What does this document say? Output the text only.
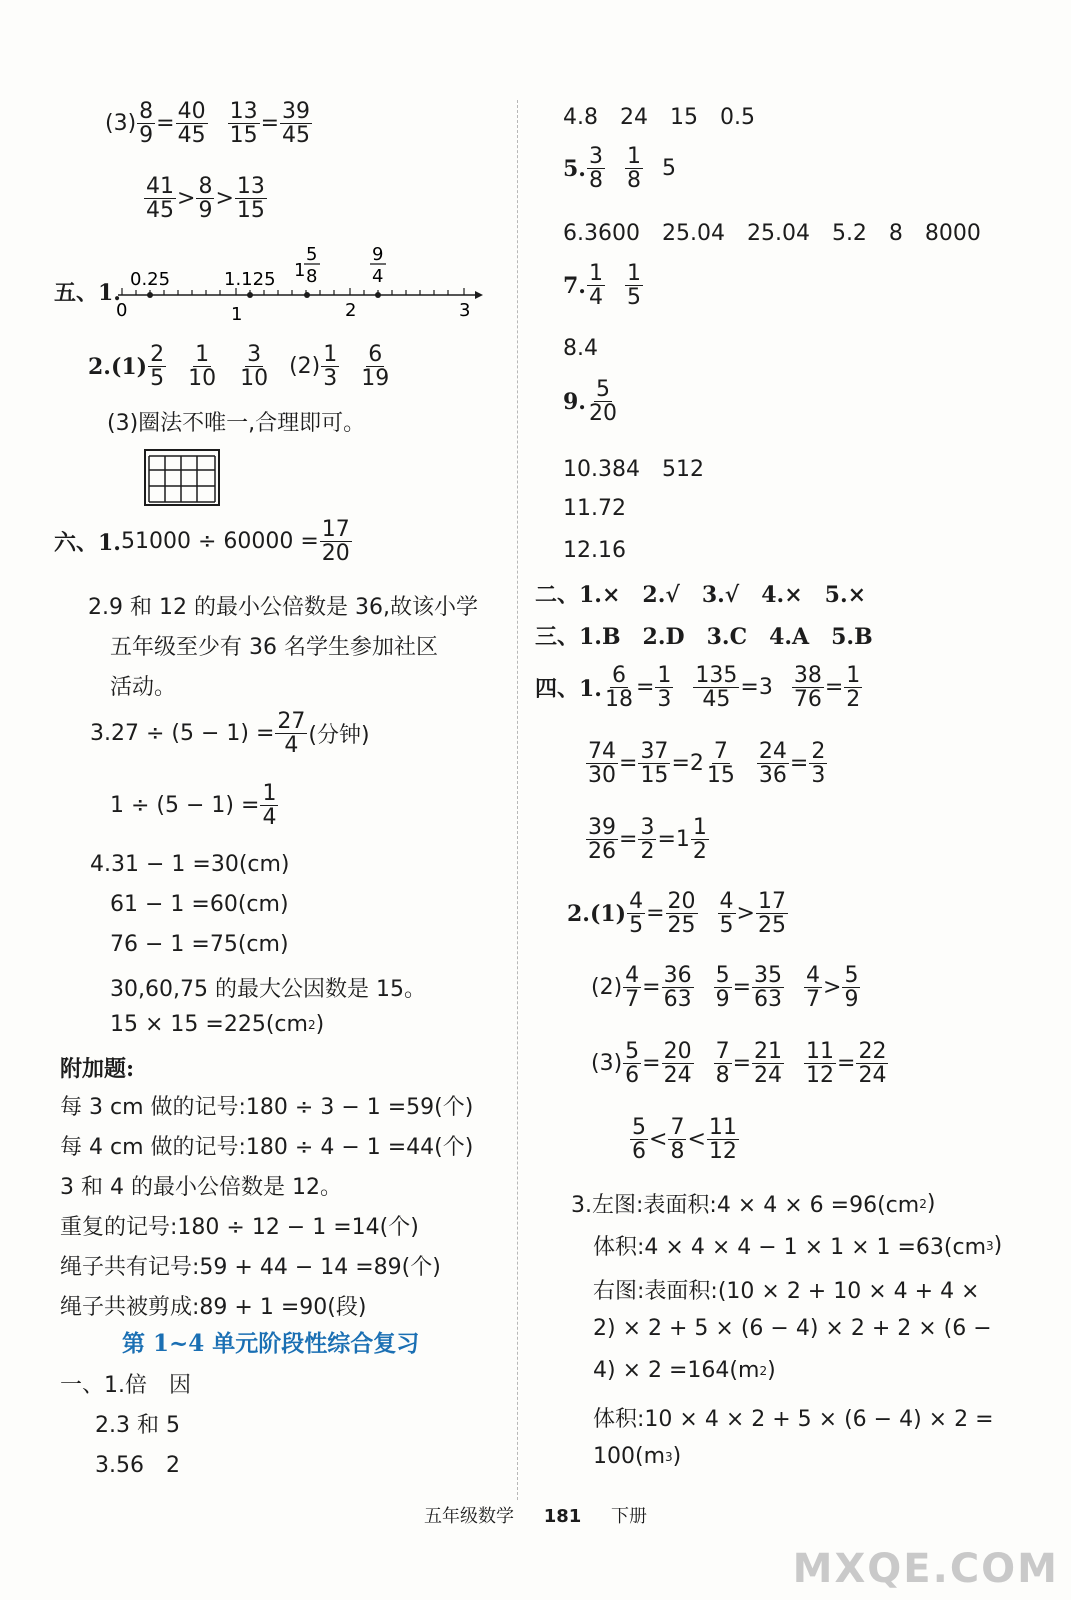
$(3) \frac{8}{9} = \frac{40}{45} \frac{13}{15} = \frac{39}{45}$
$\frac{41}{45} > \frac{8}{9} > \frac{13}{15}$
五、1.
0.25	1.125 1
5
8
9
4
0	1	2	3
$2.(1) \frac{2}{5} \frac{1}{10} \frac{3}{10} (2) \frac{1}{3} \frac{6}{19}$
(3)圈法不唯一,合理即可。
六、1. $51000 \div 60000 = \frac{17}{20}$
2.9 和 12 的最小公倍数是 36,故该小学
五年级至少有 36 名学生参加社区
活动。
$3.27 \div (5 - 1) = \frac{27}{4}$ (分钟)
$1 \div (5 - 1) = \frac{1}{4}$
4.31 − 1 =30(cm)
61 − 1 =60(cm)
76 − 1 =75(cm)
30,60,75 的最大公因数是 15。
15 × 15 =225(cm 2 )
附加题:
每 3 cm 做的记号:180 ÷ 3 − 1 =59(个)
每 4 cm 做的记号:180 ÷ 4 − 1 =44(个)
3 和 4 的最小公倍数是 12。
重复的记号:180 ÷ 12 − 1 =14(个)
绳子共有记号:59 + 44 − 14 =89(个)
绳子共被剪成:89 + 1 =90(段)
第 1~4 单元阶段性综合复习
一、1.倍　因
2.3 和 5
3.56　2
4.8　24　15　0.5
5. $\frac{3}{8} \frac{1}{8} 5$
6.3600　25.04　25.04　5.2　8　8000
7. $\frac{1}{4} \frac{1}{5}$
8.4
9. $\frac{5}{20}$
10.384　512
11.72
12.16
二、1.×　2.√　3.√　4.×　5.×
三、1.B　2.D　3.C　4.A　5.B
四、1. $\frac{6}{18} = \frac{1}{3} \frac{135}{45} =3 \frac{38}{76} = \frac{1}{2}$
$\frac{74}{30} = \frac{37}{15} =2 \frac{7}{15} \frac{24}{36} = \frac{2}{3}$
$\frac{39}{26} = \frac{3}{2} =1 \frac{1}{2}$
$2.(1) \frac{4}{5} = \frac{20}{25} \frac{4}{5} > \frac{17}{25}$
$(2) \frac{4}{7} = \frac{36}{63} \frac{5}{9} = \frac{35}{63} \frac{4}{7} > \frac{5}{9}$
$(3) \frac{5}{6} = \frac{20}{24} \frac{7}{8} = \frac{21}{24} \frac{11}{12} = \frac{22}{24}$
$\frac{5}{6} < \frac{7}{8} < \frac{11}{12}$
3.左图:表面积:4 × 4 × 6 =96(cm 2 )
体积:4 × 4 × 4 − 1 × 1 × 1 =63(cm 3 )
右图:表面积:(10 × 2 + 10 × 4 + 4 ×
2) × 2 + 5 × (6 − 4) × 2 + 2 × (6 −
4) × 2 =164(m 2 )
体积:10 × 4 × 2 + 5 × (6 − 4) × 2 =
100(m 3 )
五年级数学 181 下册
MXQE.COM
